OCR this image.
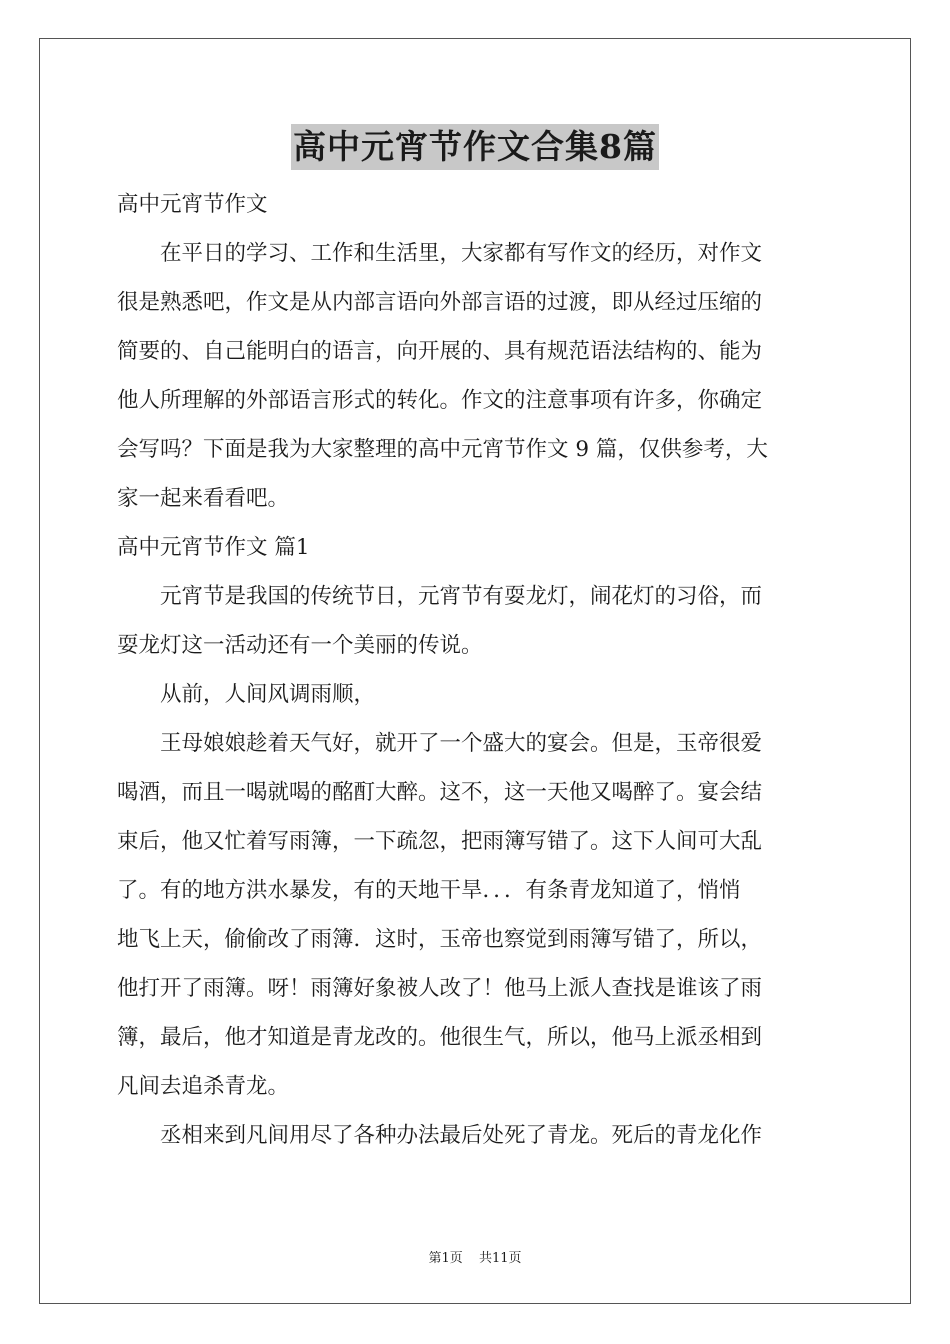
高中元宵节作文合集8篇
高中元宵节作文
在平日的学习、工作和生活里，大家都有写作文的经历，对作文
很是熟悉吧，作文是从内部言语向外部言语的过渡，即从经过压缩的
简要的、自己能明白的语言，向开展的、具有规范语法结构的、能为
他人所理解的外部语言形式的转化。作文的注意事项有许多，你确定
会写吗？下面是我为大家整理的高中元宵节作文 9 篇，仅供参考，大
家一起来看看吧。
高中元宵节作文 篇1
元宵节是我国的传统节日，元宵节有耍龙灯，闹花灯的习俗，而
耍龙灯这一活动还有一个美丽的传说。
从前，人间风调雨顺，
王母娘娘趁着天气好，就开了一个盛大的宴会。但是，玉帝很爱
喝酒，而且一喝就喝的酩酊大醉。这不，这一天他又喝醉了。宴会结
束后，他又忙着写雨簿，一下疏忽，把雨簿写错了。这下人间可大乱
了。有的地方洪水暴发，有的天地干旱．．．有条青龙知道了，悄悄
地飞上天，偷偷改了雨簿．这时，玉帝也察觉到雨簿写错了，所以，
他打开了雨簿。呀！雨簿好象被人改了！他马上派人查找是谁该了雨
簿，最后，他才知道是青龙改的。他很生气，所以，他马上派丞相到
凡间去追杀青龙。
丞相来到凡间用尽了各种办法最后处死了青龙。死后的青龙化作
第1页 共11页
